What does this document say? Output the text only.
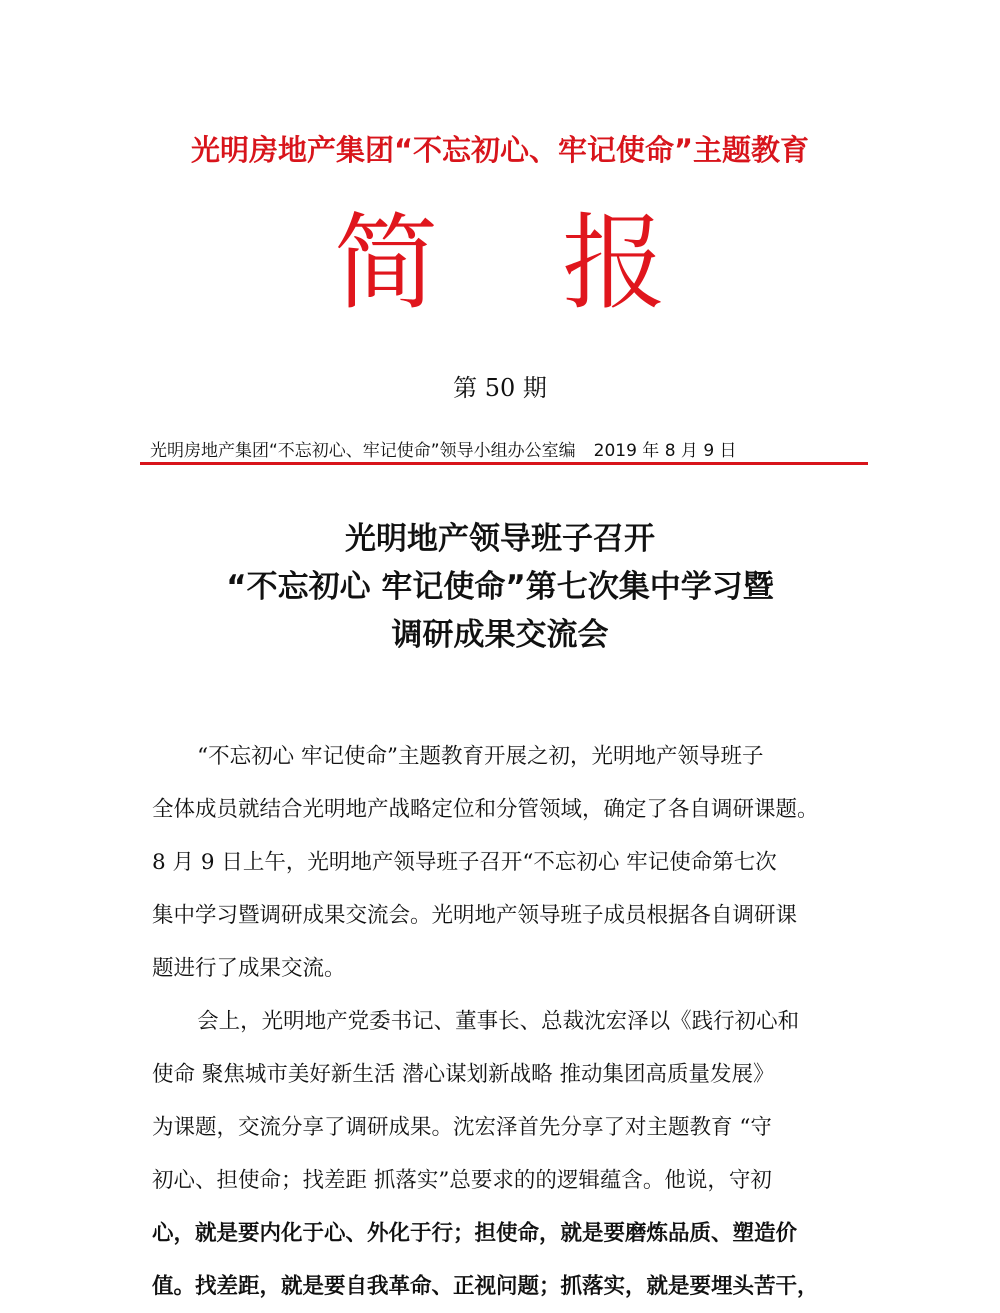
光明房地产集团“不忘初心、牢记使命”主题教育
简 报
第 50 期
光明房地产集团“不忘初心、牢记使命”领导小组办公室编 2019 年 8 月 9 日
光明地产领导班子召开
“不忘初心 牢记使命”第七次集中学习暨
调研成果交流会

“不忘初心 牢记使命”主题教育开展之初，光明地产领导班子

全体成员就结合光明地产战略定位和分管领域，确定了各自调研课题。

8 月 9 日上午，光明地产领导班子召开“不忘初心 牢记使命第七次

集中学习暨调研成果交流会。光明地产领导班子成员根据各自调研课

题进行了成果交流。

会上，光明地产党委书记、董事长、总裁沈宏泽以《践行初心和

使命 聚焦城市美好新生活 潜心谋划新战略 推动集团高质量发展》

为课题，交流分享了调研成果。沈宏泽首先分享了对主题教育 “守

初心、担使命；找差距 抓落实”总要求的的逻辑蕴含。他说，守初

心，就是要内化于心、外化于行；担使命，就是要磨炼品质、塑造价

值。找差距，就是要自我革命、正视问题；抓落实，就是要埋头苦干，
